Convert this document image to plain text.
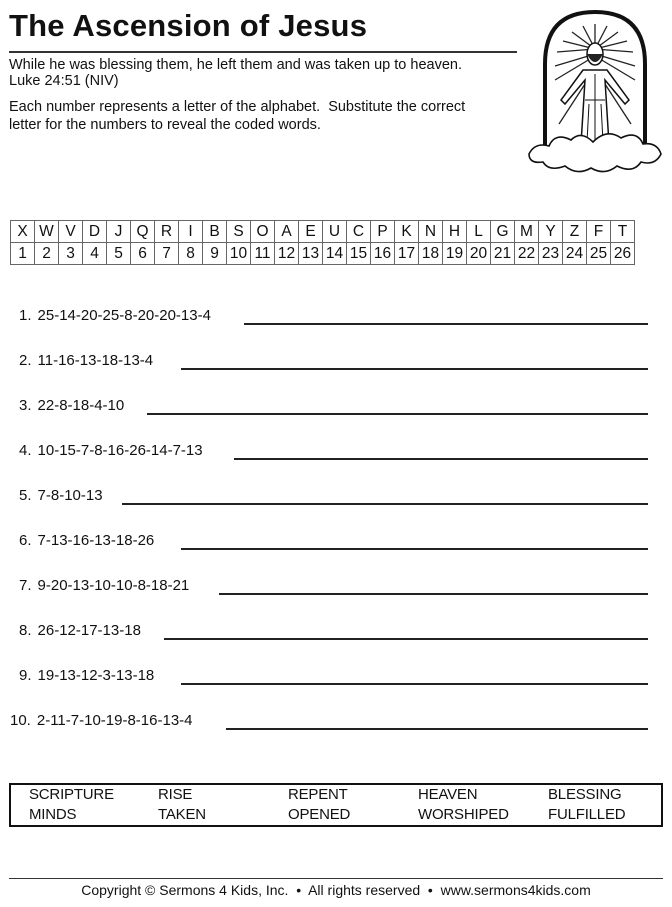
The Ascension of Jesus
While he was blessing them, he left them and was taken up to heaven.
Luke 24:51 (NIV)
Each number represents a letter of the alphabet.  Substitute the correct
letter for the numbers to reveal the coded words.
X	W	V	D	J	Q	R	I	B	S	O	A	E	U	C	P	K	N	H	L	G	M	Y	Z	F	T
1	2	3	4	5	6	7	8	9	10	11	12	13	14	15	16	17	18	19	20	21	22	23	24	25	26
1. 25-14-20-25-8-20-20-13-4
2. 11-16-13-18-13-4
3. 22-8-18-4-10
4. 10-15-7-8-16-26-14-7-13
5. 7-8-10-13
6. 7-13-16-13-18-26
7. 9-20-13-10-10-8-18-21
8. 26-12-17-13-18
9. 19-13-12-3-13-18
10. 2-11-7-10-19-8-16-13-4
SCRIPTURE	RISE	REPENT	HEAVEN	BLESSING
MINDS	TAKEN	OPENED	WORSHIPED	FULFILLED
Copyright © Sermons 4 Kids, Inc.  •  All rights reserved  •  www.sermons4kids.com
